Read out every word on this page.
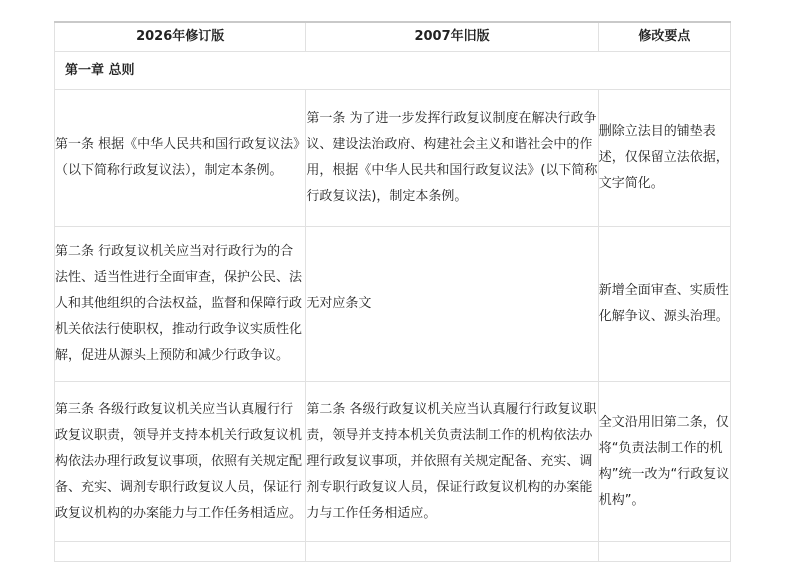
2026年修订版	2007年旧版	修改要点
第一章 总则		

第一条 根据《中华人民共和国行政复议法》（以下简称行政复议法），制定本条例。	第一条 为了进一步发挥行政复议制度在解决行政争议、建设法治政府、构建社会主义和谐社会中的作用，根据《中华人民共和国行政复议法》(以下简称行政复议法)，制定本条例。	删除立法目的铺垫表述，仅保留立法依据，文字简化。

第二条 行政复议机关应当对行政行为的合法性、适当性进行全面审查，保护公民、法人和其他组织的合法权益，监督和保障行政机关依法行使职权，推动行政争议实质性化解，促进从源头上预防和减少行政争议。	无对应条文	新增全面审查、实质性化解争议、源头治理。

第三条 各级行政复议机关应当认真履行行政复议职责，领导并支持本机关行政复议机构依法办理行政复议事项，依照有关规定配备、充实、调剂专职行政复议人员，保证行政复议机构的办案能力与工作任务相适应。	第二条 各级行政复议机关应当认真履行行政复议职责，领导并支持本机关负责法制工作的机构依法办理行政复议事项，并依照有关规定配备、充实、调剂专职行政复议人员，保证行政复议机构的办案能力与工作任务相适应。	全文沿用旧第二条，仅将“负责法制工作的机构”统一改为“行政复议机构”。
